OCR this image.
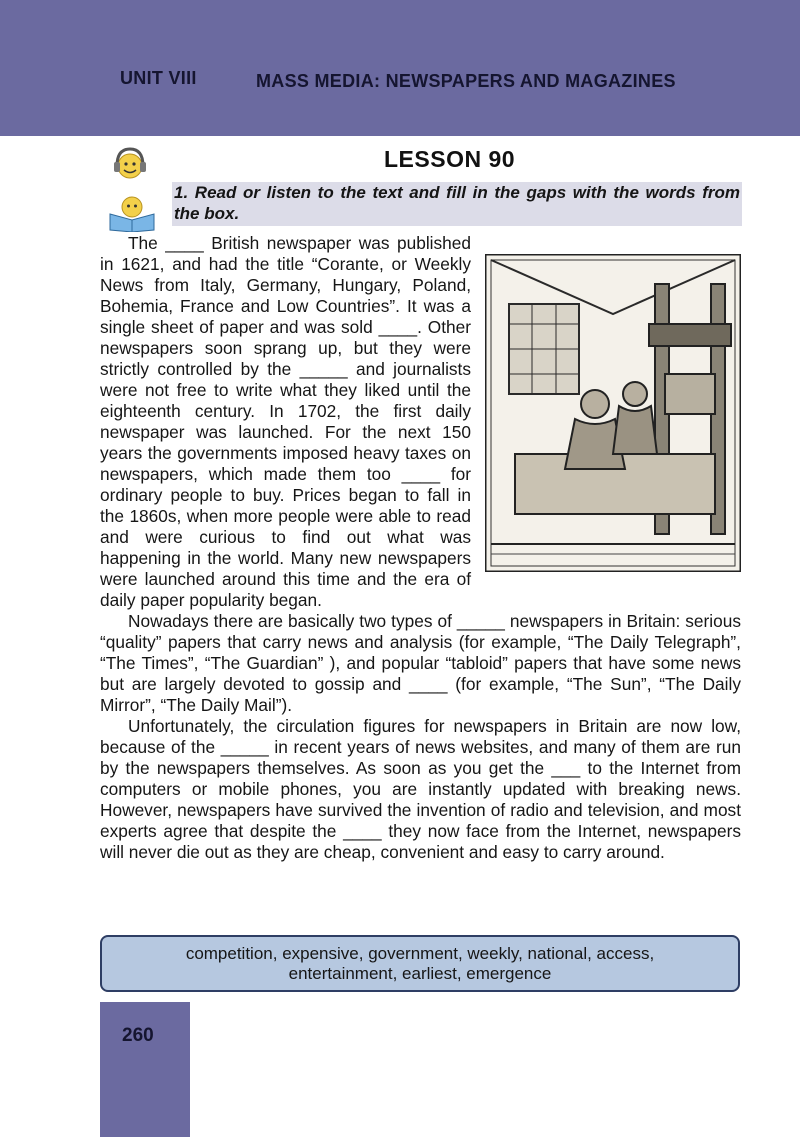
UNIT VIII	MASS MEDIA: NEWSPAPERS AND MAGAZINES
LESSON 90

1. Read or listen to the text and fill in the gaps with the words from the box.

The ____ British newspaper was published in 1621, and had the title “Corante, or Weekly News from Italy, Germany, Hungary, Poland, Bohemia, France and Low Countries”. It was a single sheet of paper and was sold ____. Other newspapers soon sprang up, but they were strictly controlled by the _____ and journalists were not free to write what they liked until the eighteenth century. In 1702, the first daily newspaper was launched. For the next 150 years the governments imposed heavy taxes on newspapers, which made them too ____ for ordinary people to buy. Prices began to fall in the 1860s, when more people were able to read and were curious to find out what was happening in the world. Many new newspapers were launched around this time and the era of daily paper popularity began.

Nowadays there are basically two types of _____ newspapers in Britain: serious “quality” papers that carry news and analysis (for example, “The Daily Telegraph”, “The Times”, “The Guardian” ), and popular “tabloid” papers that have some news but are largely devoted to gossip and ____ (for example, “The Sun”, “The Daily Mirror”, “The Daily Mail”).

Unfortunately, the circulation figures for newspapers in Britain are now low, because of the _____ in recent years of news websites, and many of them are run by the newspapers themselves. As soon as you get the ___ to the Internet from computers or mobile phones, you are instantly updated with breaking news. However, newspapers have survived the invention of radio and television, and most experts agree that despite the ____ they now face from the Internet, newspapers will never die out as they are cheap, convenient and easy to carry around.

competition, expensive, government, weekly, national, access,
entertainment, earliest, emergence
260
